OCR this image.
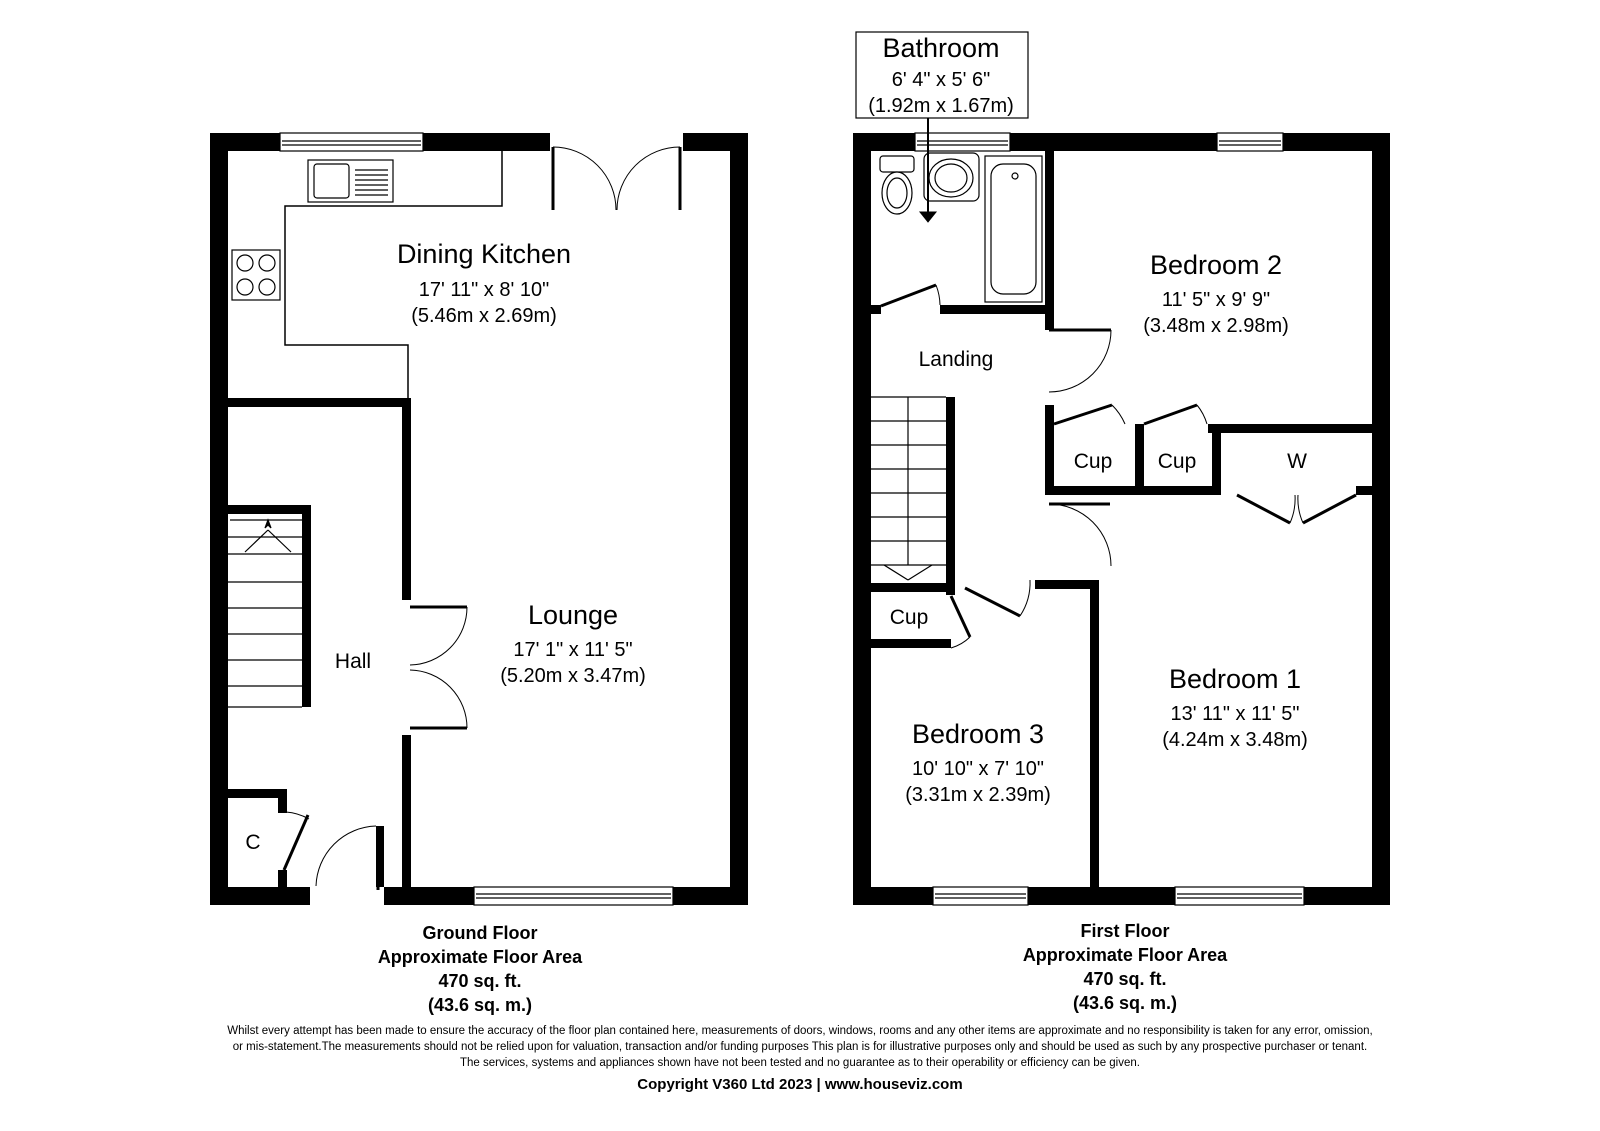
Dining Kitchen
17' 11" x 8' 10"
(5.46m x 2.69m)
Lounge
17' 1" x 11' 5"
(5.20m x 3.47m)
Hall
C
Bathroom
6' 4" x 5' 6"
(1.92m x 1.67m)
Bedroom 2
11' 5" x 9' 9"
(3.48m x 2.98m)
Landing
Cup Cup	W
Cup
Bedroom 1
13' 11" x 11' 5"
(4.24m x 3.48m)
Bedroom 3
10' 10" x 7' 10"
(3.31m x 2.39m)
Ground Floor
Approximate Floor Area
470 sq. ft.
(43.6 sq. m.)
First Floor
Approximate Floor Area
470 sq. ft.
(43.6 sq. m.)
Whilst every attempt has been made to ensure the accuracy of the floor plan contained here, measurements of doors, windows, rooms and any other items are approximate and no responsibility is taken for any error, omission,
or mis-statement.The measurements should not be relied upon for valuation, transaction and/or funding purposes This plan is for illustrative purposes only and should be used as such by any prospective purchaser or tenant.
The services, systems and appliances shown have not been tested and no guarantee as to their operability or efficiency can be given.
Copyright V360 Ltd 2023 | www.houseviz.com
